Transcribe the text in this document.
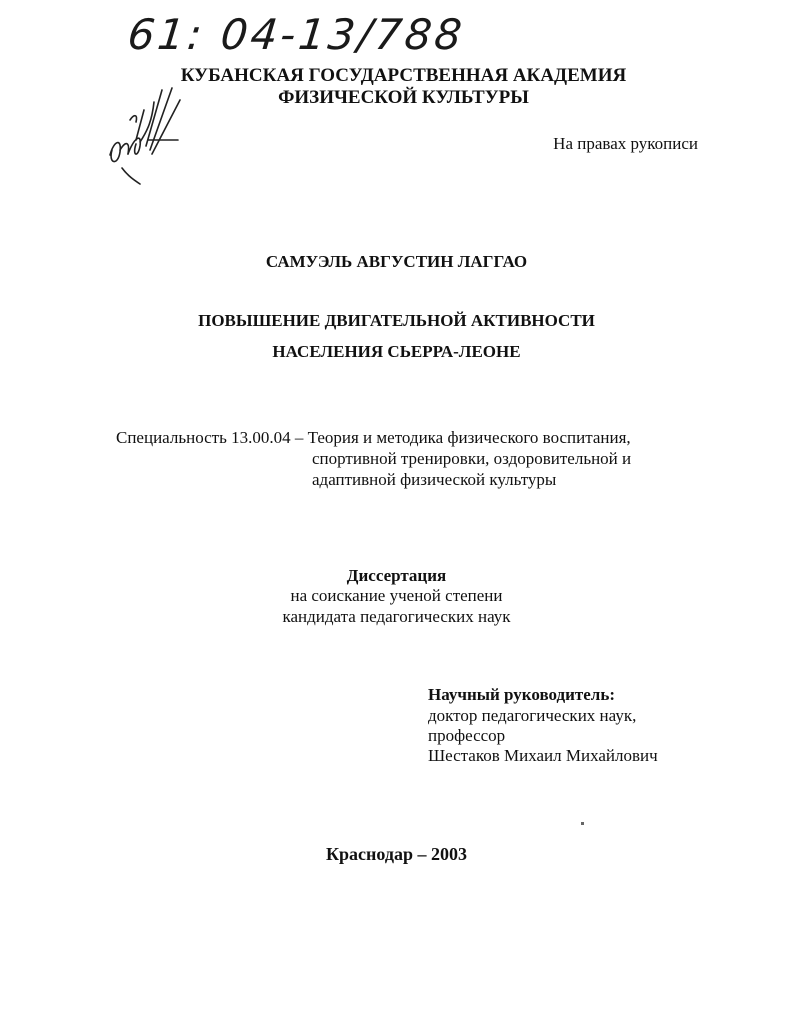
61: 04-13/788
КУБАНСКАЯ ГОСУДАРСТВЕННАЯ АКАДЕМИЯ
ФИЗИЧЕСКОЙ КУЛЬТУРЫ
На правах рукописи
САМУЭЛЬ АВГУСТИН ЛАГГАО
ПОВЫШЕНИЕ ДВИГАТЕЛЬНОЙ АКТИВНОСТИ
НАСЕЛЕНИЯ СЬЕРРА-ЛЕОНЕ
Специальность 13.00.04 – Теория и методика физического воспитания,
спортивной тренировки, оздоровительной и
адаптивной физической культуры
Диссертация
на соискание ученой степени
кандидата педагогических наук
Научный руководитель:
доктор педагогических наук,
профессор
Шестаков Михаил Михайлович
Краснодар – 2003
